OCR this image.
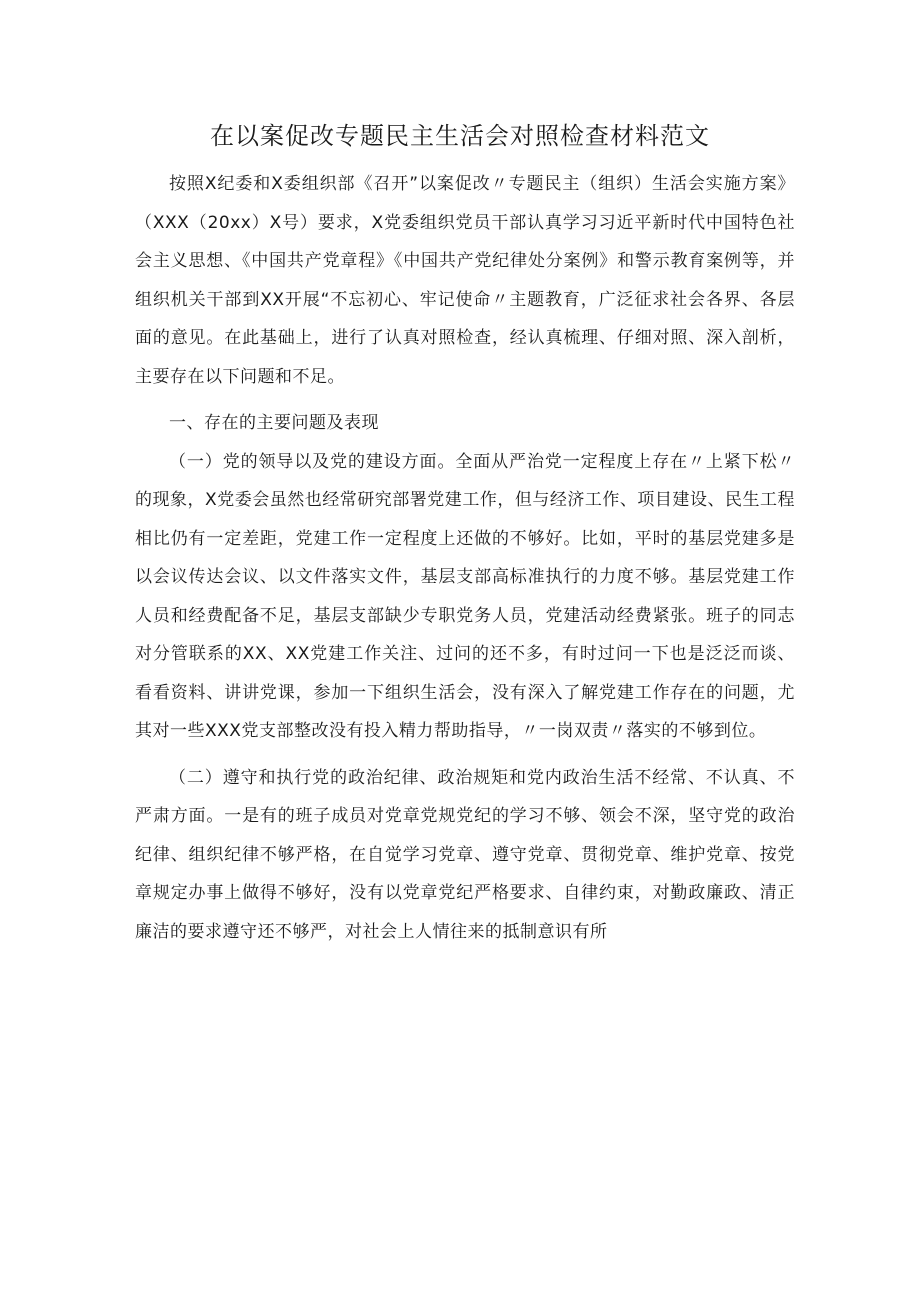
在以案促改专题民主生活会对照检查材料范文

按照X纪委和X委组织部《召开”以案促改〃专题民主（组织）生活会实施方案》（XXX（20xx）X号）要求，X党委组织党员干部认真学习习近平新时代中国特色社会主义思想、《中国共产党章程》《中国共产党纪律处分案例》和警示教育案例等，并组织机关干部到XX开展“不忘初心、牢记使命〃主题教育，广泛征求社会各界、各层面的意见。在此基础上，进行了认真对照检查，经认真梳理、仔细对照、深入剖析，主要存在以下问题和不足。

一、存在的主要问题及表现

（一）党的领导以及党的建设方面。全面从严治党一定程度上存在〃上紧下松〃的现象，X党委会虽然也经常研究部署党建工作，但与经济工作、项目建设、民生工程相比仍有一定差距，党建工作一定程度上还做的不够好。比如，平时的基层党建多是以会议传达会议、以文件落实文件，基层支部高标准执行的力度不够。基层党建工作人员和经费配备不足，基层支部缺少专职党务人员，党建活动经费紧张。班子的同志对分管联系的XX、XX党建工作关注、过问的还不多，有时过问一下也是泛泛而谈、看看资料、讲讲党课，参加一下组织生活会，没有深入了解党建工作存在的问题，尤其对一些XXX党支部整改没有投入精力帮助指导，〃一岗双责〃落实的不够到位。

（二）遵守和执行党的政治纪律、政治规矩和党内政治生活不经常、不认真、不严肃方面。一是有的班子成员对党章党规党纪的学习不够、领会不深，坚守党的政治纪律、组织纪律不够严格，在自觉学习党章、遵守党章、贯彻党章、维护党章、按党章规定办事上做得不够好，没有以党章党纪严格要求、自律约束，对勤政廉政、清正廉洁的要求遵守还不够严，对社会上人情往来的抵制意识有所
